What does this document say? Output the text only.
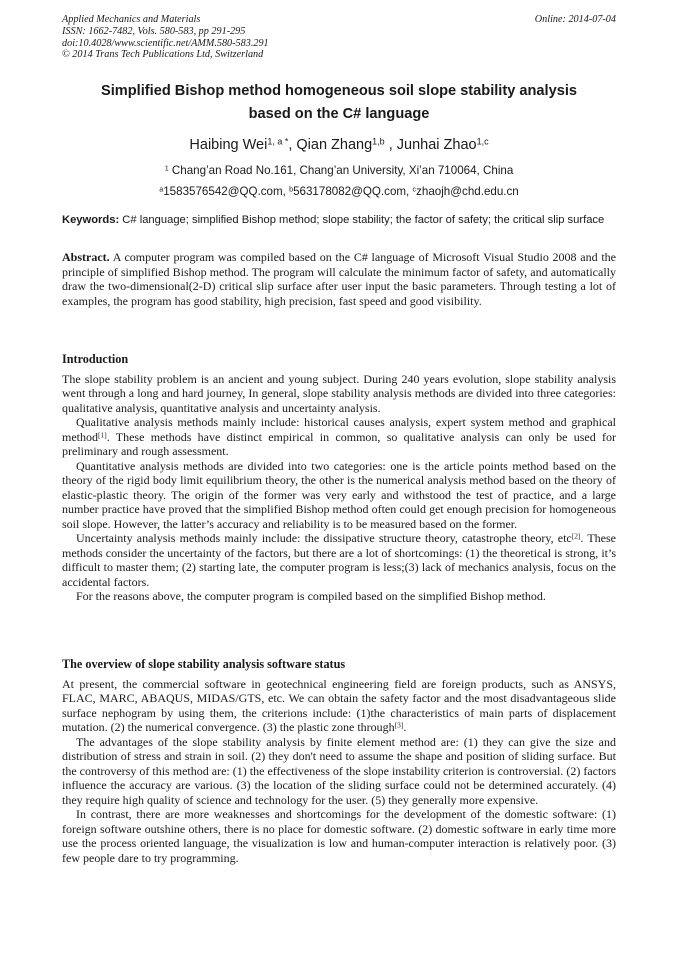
Applied Mechanics and Materials
ISSN: 1662-7482, Vols. 580-583, pp 291-295
doi:10.4028/www.scientific.net/AMM.580-583.291
© 2014 Trans Tech Publications Ltd, Switzerland
Online: 2014-07-04
Simplified Bishop method homogeneous soil slope stability analysis
based on the C# language
Haibing Wei$^{1, a *}$, Qian Zhang$^{1,b}$ , Junhai Zhao$^{1,c}$
$^1$ Chang’an Road No.161, Chang’an University, Xi’an 710064, China
$^a$1583576542@QQ.com, $^b$563178082@QQ.com, $^c$zhaojh@chd.edu.cn
Keywords: C# language; simplified Bishop method; slope stability; the factor of safety; the critical slip surface

Abstract. A computer program was compiled based on the C# language of Microsoft Visual Studio 2008 and the principle of simplified Bishop method. The program will calculate the minimum factor of safety, and automatically draw the two-dimensional(2-D) critical slip surface after user input the basic parameters. Through testing a lot of examples, the program has good stability, high precision, fast speed and good visibility.

Introduction

The slope stability problem is an ancient and young subject. During 240 years evolution, slope stability analysis went through a long and hard journey, In general, slope stability analysis methods are divided into three categories: qualitative analysis, quantitative analysis and uncertainty analysis.

Qualitative analysis methods mainly include: historical causes analysis, expert system method and graphical method[1]. These methods have distinct empirical in common, so qualitative analysis can only be used for preliminary and rough assessment.

Quantitative analysis methods are divided into two categories: one is the article points method based on the theory of the rigid body limit equilibrium theory, the other is the numerical analysis method based on the theory of elastic-plastic theory. The origin of the former was very early and withstood the test of practice, and a large number practice have proved that the simplified Bishop method often could get enough precision for homogeneous soil slope. However, the latter’s accuracy and reliability is to be measured based on the former.

Uncertainty analysis methods mainly include: the dissipative structure theory, catastrophe theory, etc[2]. These methods consider the uncertainty of the factors, but there are a lot of shortcomings: (1) the theoretical is strong, it’s difficult to master them; (2) starting late, the computer program is less;(3) lack of mechanics analysis, focus on the accidental factors.

For the reasons above, the computer program is compiled based on the simplified Bishop method.

The overview of slope stability analysis software status

At present, the commercial software in geotechnical engineering field are foreign products, such as ANSYS, FLAC, MARC, ABAQUS, MIDAS/GTS, etc. We can obtain the safety factor and the most disadvantageous slide surface nephogram by using them, the criterions include: (1)the characteristics of main parts of displacement mutation. (2) the numerical convergence. (3) the plastic zone through[3].

The advantages of the slope stability analysis by finite element method are: (1) they can give the size and distribution of stress and strain in soil. (2) they don't need to assume the shape and position of sliding surface. But the controversy of this method are: (1) the effectiveness of the slope instability criterion is controversial. (2) factors influence the accuracy are various. (3) the location of the sliding surface could not be determined accurately. (4) they require high quality of science and technology for the user. (5) they generally more expensive.

In contrast, there are more weaknesses and shortcomings for the development of the domestic software: (1) foreign software outshine others, there is no place for domestic software. (2) domestic software in early time more use the process oriented language, the visualization is low and human-computer interaction is relatively poor. (3) few people dare to try programming.
